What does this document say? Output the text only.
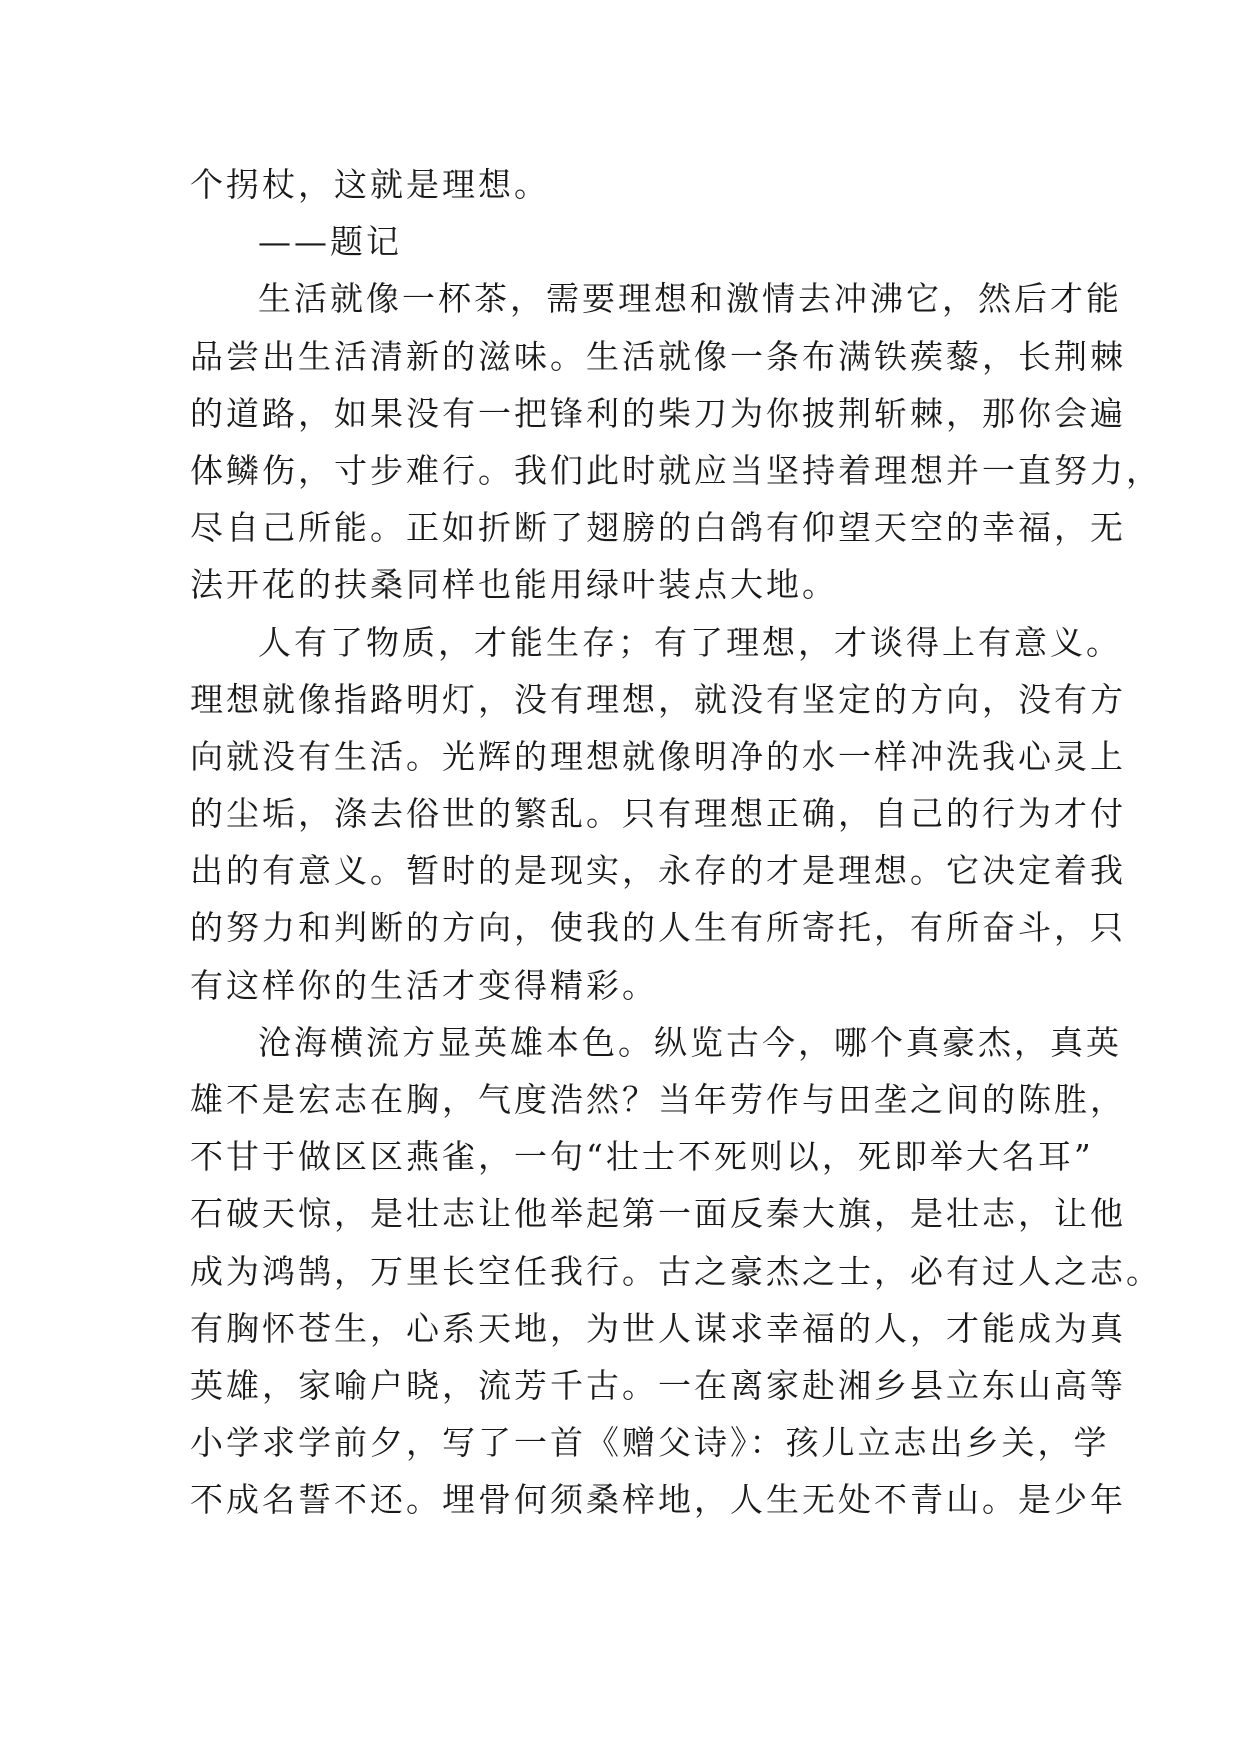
个拐杖，这就是理想。
——题记
生活就像一杯茶，需要理想和激情去冲沸它，然后才能
品尝出生活清新的滋味。生活就像一条布满铁蒺藜，长荆棘
的道路，如果没有一把锋利的柴刀为你披荆斩棘，那你会遍
体鳞伤，寸步难行。我们此时就应当坚持着理想并一直努力，
尽自己所能。正如折断了翅膀的白鸽有仰望天空的幸福，无
法开花的扶桑同样也能用绿叶装点大地。
人有了物质，才能生存；有了理想，才谈得上有意义。
理想就像指路明灯，没有理想，就没有坚定的方向，没有方
向就没有生活。光辉的理想就像明净的水一样冲洗我心灵上
的尘垢，涤去俗世的繁乱。只有理想正确，自己的行为才付
出的有意义。暂时的是现实，永存的才是理想。它决定着我
的努力和判断的方向，使我的人生有所寄托，有所奋斗，只
有这样你的生活才变得精彩。
沧海横流方显英雄本色。纵览古今，哪个真豪杰，真英
雄不是宏志在胸，气度浩然？当年劳作与田垄之间的陈胜，
不甘于做区区燕雀，一句“壮士不死则以，死即举大名耳”
石破天惊，是壮志让他举起第一面反秦大旗，是壮志，让他
成为鸿鹄，万里长空任我行。古之豪杰之士，必有过人之志。
有胸怀苍生，心系天地，为世人谋求幸福的人，才能成为真
英雄，家喻户晓，流芳千古。一在离家赴湘乡县立东山高等
小学求学前夕，写了一首《赠父诗》：孩儿立志出乡关，学
不成名誓不还。埋骨何须桑梓地，人生无处不青山。是少年
